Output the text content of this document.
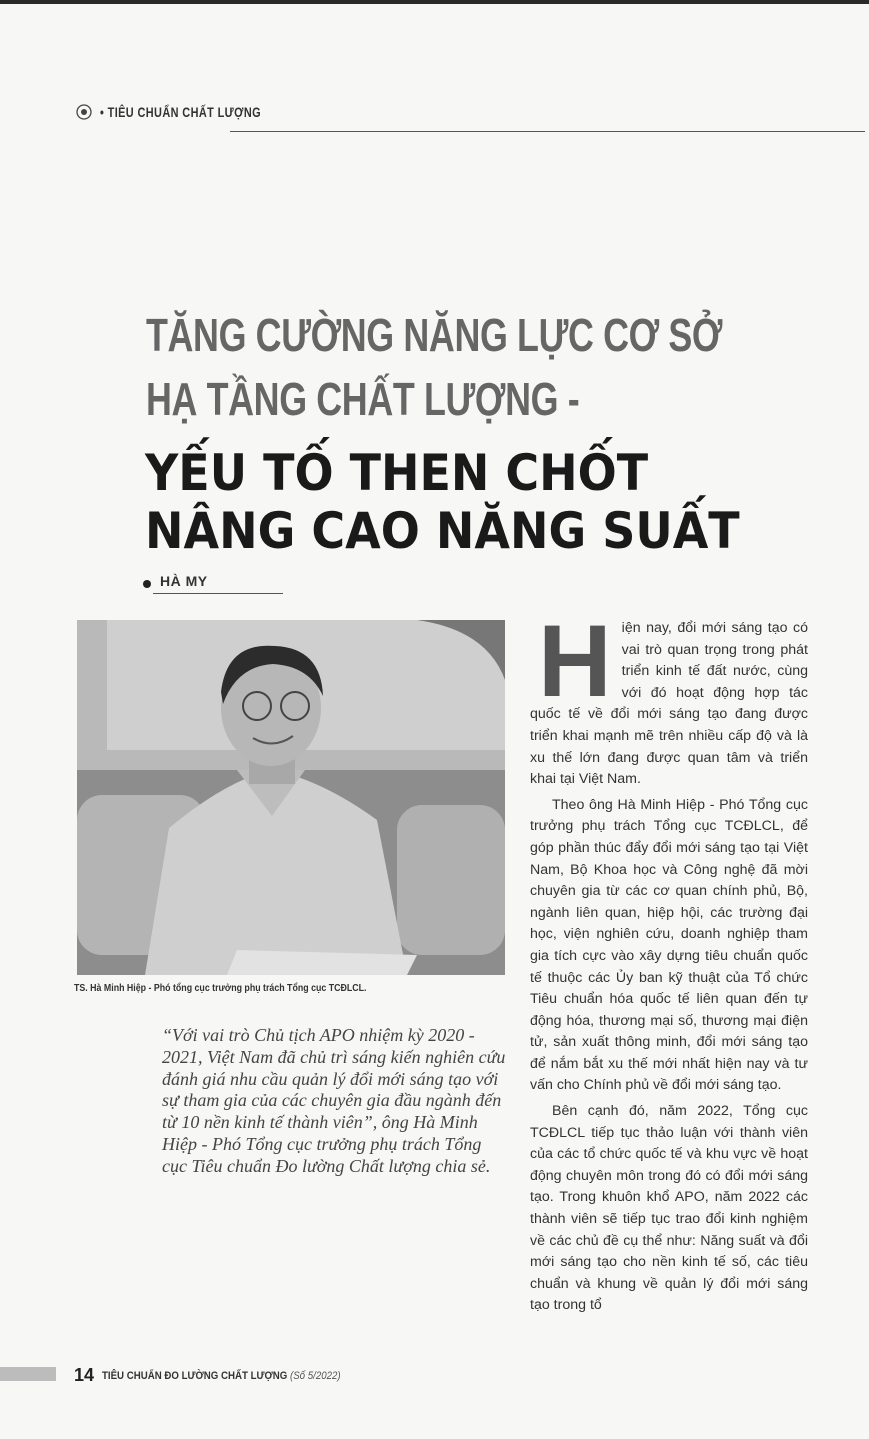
• TIÊU CHUẨN CHẤT LƯỢNG
TĂNG CƯỜNG NĂNG LỰC CƠ SỞ
HẠ TẦNG CHẤT LƯỢNG -
YẾU TỐ THEN CHỐT
NÂNG CAO NĂNG SUẤT
HÀ MY
TS. Hà Minh Hiệp - Phó tổng cục trưởng phụ trách Tổng cục TCĐLCL.
“Với vai trò Chủ tịch APO nhiệm kỳ 2020 - 2021, Việt Nam đã chủ trì sáng kiến nghiên cứu đánh giá nhu cầu quản lý đổi mới sáng tạo với sự tham gia của các chuyên gia đầu ngành đến từ 10 nền kinh tế thành viên”, ông Hà Minh Hiệp - Phó Tổng cục trưởng phụ trách Tổng cục Tiêu chuẩn Đo lường Chất lượng chia sẻ.

Hiện nay, đổi mới sáng tạo có vai trò quan trọng trong phát triển kinh tế đất nước, cùng với đó hoạt động hợp tác quốc tế về đổi mới sáng tạo đang được triển khai mạnh mẽ trên nhiều cấp độ và là xu thế lớn đang được quan tâm và triển khai tại Việt Nam.

Theo ông Hà Minh Hiệp - Phó Tổng cục trưởng phụ trách Tổng cục TCĐLCL, để góp phần thúc đẩy đổi mới sáng tạo tại Việt Nam, Bộ Khoa học và Công nghệ đã mời chuyên gia từ các cơ quan chính phủ, Bộ, ngành liên quan, hiệp hội, các trường đại học, viện nghiên cứu, doanh nghiệp tham gia tích cực vào xây dựng tiêu chuẩn quốc tế thuộc các Ủy ban kỹ thuật của Tổ chức Tiêu chuẩn hóa quốc tế liên quan đến tự động hóa, thương mại số, thương mại điện tử, sản xuất thông minh, đổi mới sáng tạo để nắm bắt xu thế mới nhất hiện nay và tư vấn cho Chính phủ về đổi mới sáng tạo.

Bên cạnh đó, năm 2022, Tổng cục TCĐLCL tiếp tục thảo luận với thành viên của các tổ chức quốc tế và khu vực về hoạt động chuyên môn trong đó có đổi mới sáng tạo. Trong khuôn khổ APO, năm 2022 các thành viên sẽ tiếp tục trao đổi kinh nghiệm về các chủ đề cụ thể như: Năng suất và đổi mới sáng tạo cho nền kinh tế số, các tiêu chuẩn và khung về quản lý đổi mới sáng tạo trong tổ

14 TIÊU CHUẨN ĐO LƯỜNG CHẤT LƯỢNG (Số 5/2022)
